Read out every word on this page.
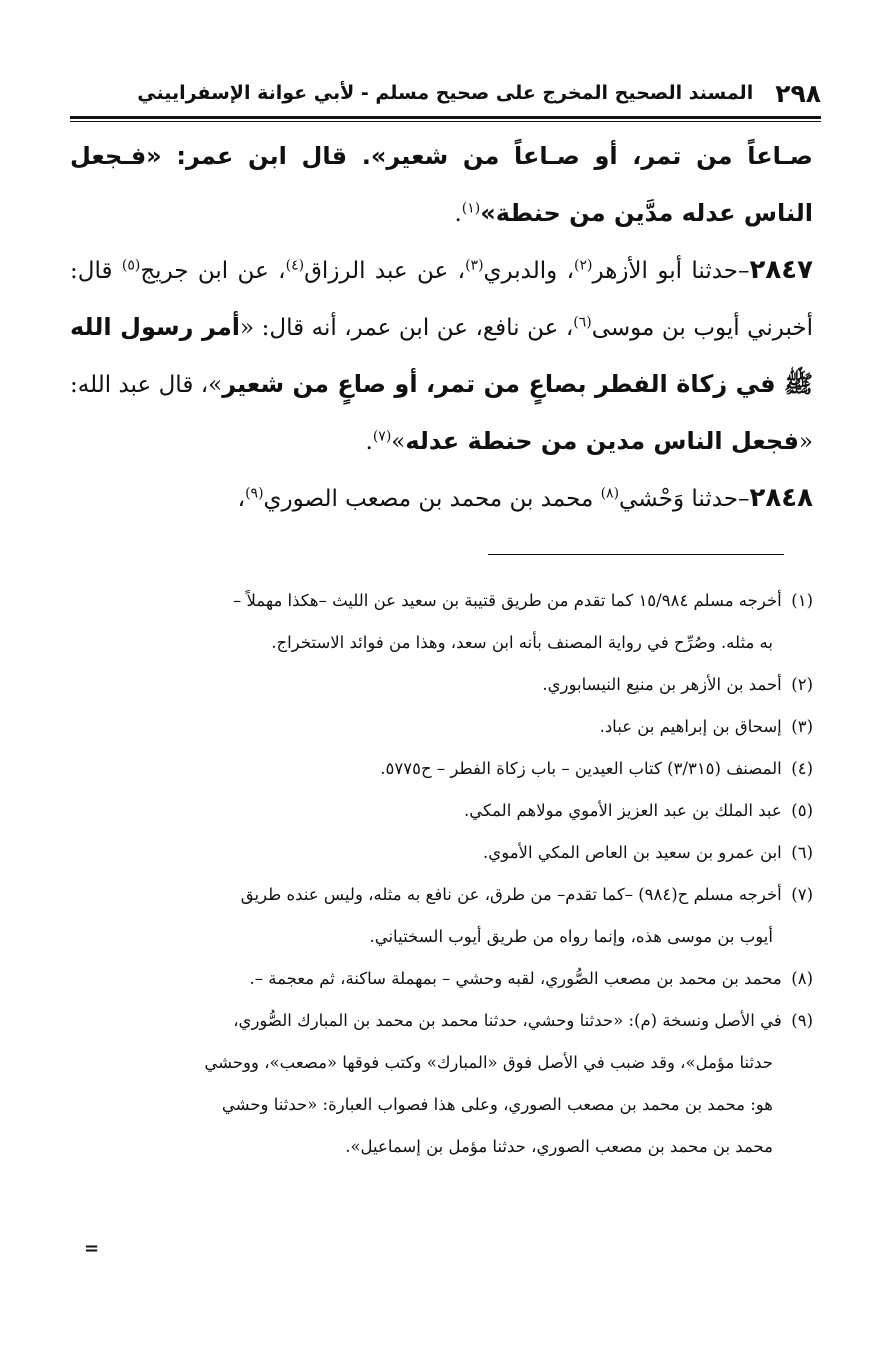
٢٩٨
المسند الصحيح المخرج على صحيح مسلم - لأبي عوانة الإسفراييني

صـاعاً من تمر، أو صـاعاً من شعير». قال ابن عمر: «فـجعل الناس عدله مدَّين من حنطة»$^{(١)}$.

٢٨٤٧–حدثنا أبو الأزهر$^{(٢)}$، والدبري$^{(٣)}$، عن عبد الرزاق$^{(٤)}$، عن ابن جريج$^{(٥)}$ قال: أخبرني أيوب بن موسى$^{(٦)}$، عن نافع، عن ابن عمر، أنه قال: «أمر رسول الله ﷺ في زكاة الفطر بصاعٍ من تمر، أو صاعٍ من شعير»، قال عبد الله: «فجعل الناس مدين من حنطة عدله»$^{(٧)}$.

٢٨٤٨–حدثنا وَحْشي$^{(٨)}$ محمد بن محمد بن مصعب الصوري$^{(٩)}$،

(١) أخرجه مسلم ١٥/٩٨٤ كما تقدم من طريق قتيبة بن سعيد عن الليث –هكذا مهملاً –
به مثله. وصُرِّح في رواية المصنف بأنه ابن سعد، وهذا من فوائد الاستخراج.

(٢) أحمد بن الأزهر بن منيع النيسابوري.

(٣) إسحاق بن إبراهيم بن عباد.

(٤) المصنف (٣/٣١٥) كتاب العيدين – باب زكاة الفطر – ح٥٧٧٥.

(٥) عبد الملك بن عبد العزيز الأموي مولاهم المكي.

(٦) ابن عمرو بن سعيد بن العاص المكي الأموي.

(٧) أخرجه مسلم ح(٩٨٤) –كما تقدم– من طرق، عن نافع به مثله، وليس عنده طريق
أيوب بن موسى هذه، وإنما رواه من طريق أيوب السختياني.

(٨) محمد بن محمد بن مصعب الصُّوري، لقبه وحشي – بمهملة ساكنة، ثم معجمة –.

(٩) في الأصل ونسخة (م): «حدثنا وحشي، حدثنا محمد بن محمد بن المبارك الصُّوري،
حدثنا مؤمل»، وقد ضبب في الأصل فوق «المبارك» وكتب فوقها «مصعب»، ووحشي
هو: محمد بن محمد بن مصعب الصوري، وعلى هذا فصواب العبارة: «حدثنا وحشي
محمد بن محمد بن مصعب الصوري، حدثنا مؤمل بن إسماعيل».

=
